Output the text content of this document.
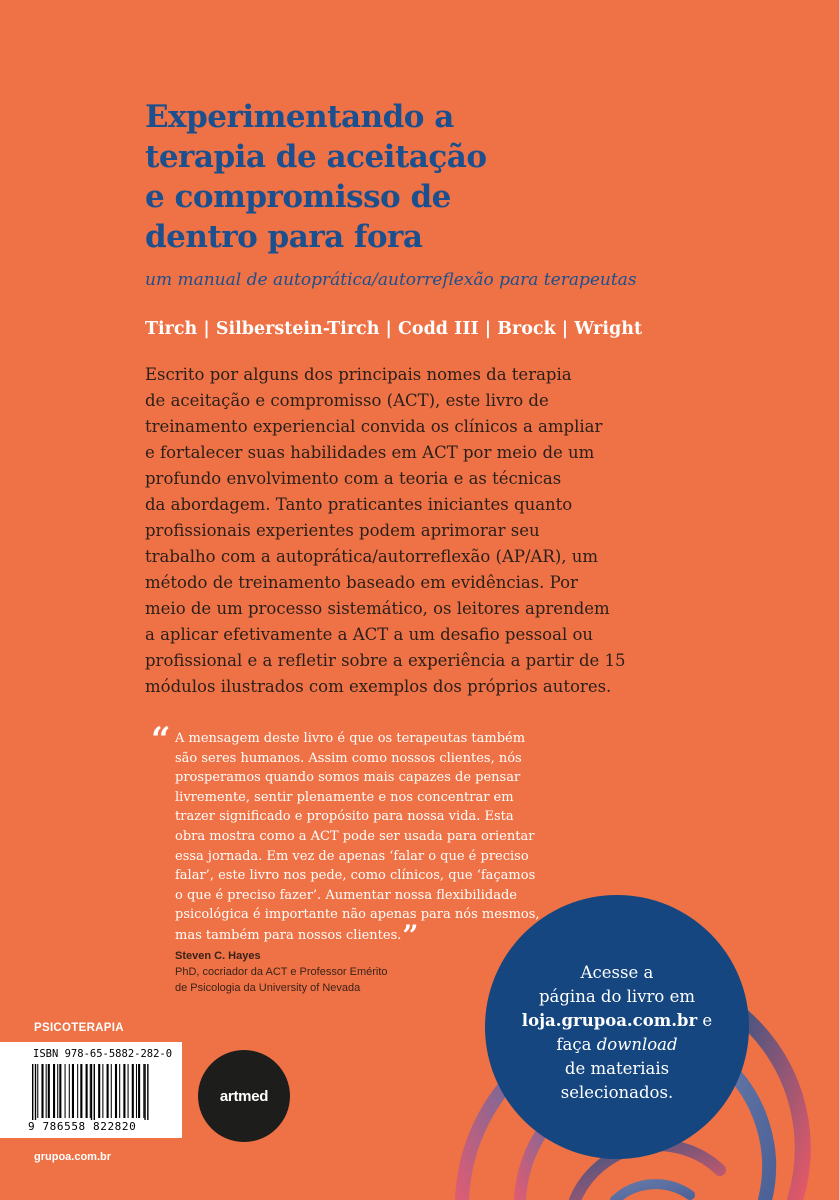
Experimentando a
terapia de aceitação
e compromisso de
dentro para fora
um manual de autoprática/autorreflexão para terapeutas
Tirch | Silberstein-Tirch | Codd III | Brock | Wright
Escrito por alguns dos principais nomes da terapia
de aceitação e compromisso (ACT), este livro de
treinamento experiencial convida os clínicos a ampliar
e fortalecer suas habilidades em ACT por meio de um
profundo envolvimento com a teoria e as técnicas
da abordagem. Tanto praticantes iniciantes quanto
profissionais experientes podem aprimorar seu
trabalho com a autoprática/autorreflexão (AP/AR), um
método de treinamento baseado em evidências. Por
meio de um processo sistemático, os leitores aprendem
a aplicar efetivamente a ACT a um desafio pessoal ou
profissional e a refletir sobre a experiência a partir de 15
módulos ilustrados com exemplos dos próprios autores.
“ A mensagem deste livro é que os terapeutas também
são seres humanos. Assim como nossos clientes, nós
prosperamos quando somos mais capazes de pensar
livremente, sentir plenamente e nos concentrar em
trazer significado e propósito para nossa vida. Esta
obra mostra como a ACT pode ser usada para orientar
essa jornada. Em vez de apenas ‘falar o que é preciso
falar’, este livro nos pede, como clínicos, que ‘façamos
o que é preciso fazer’. Aumentar nossa flexibilidade
psicológica é importante não apenas para nós mesmos,
mas também para nossos clientes.”
Steven C. Hayes
PhD, cocriador da ACT e Professor Emérito
de Psicologia da University of Nevada
Acesse a
página do livro em
loja.grupoa.com.br e
faça download
de materiais
selecionados.
PSICOTERAPIA
ISBN 978-65-5882-282-0
9 786558 822820
grupoa.com.br
artmed
